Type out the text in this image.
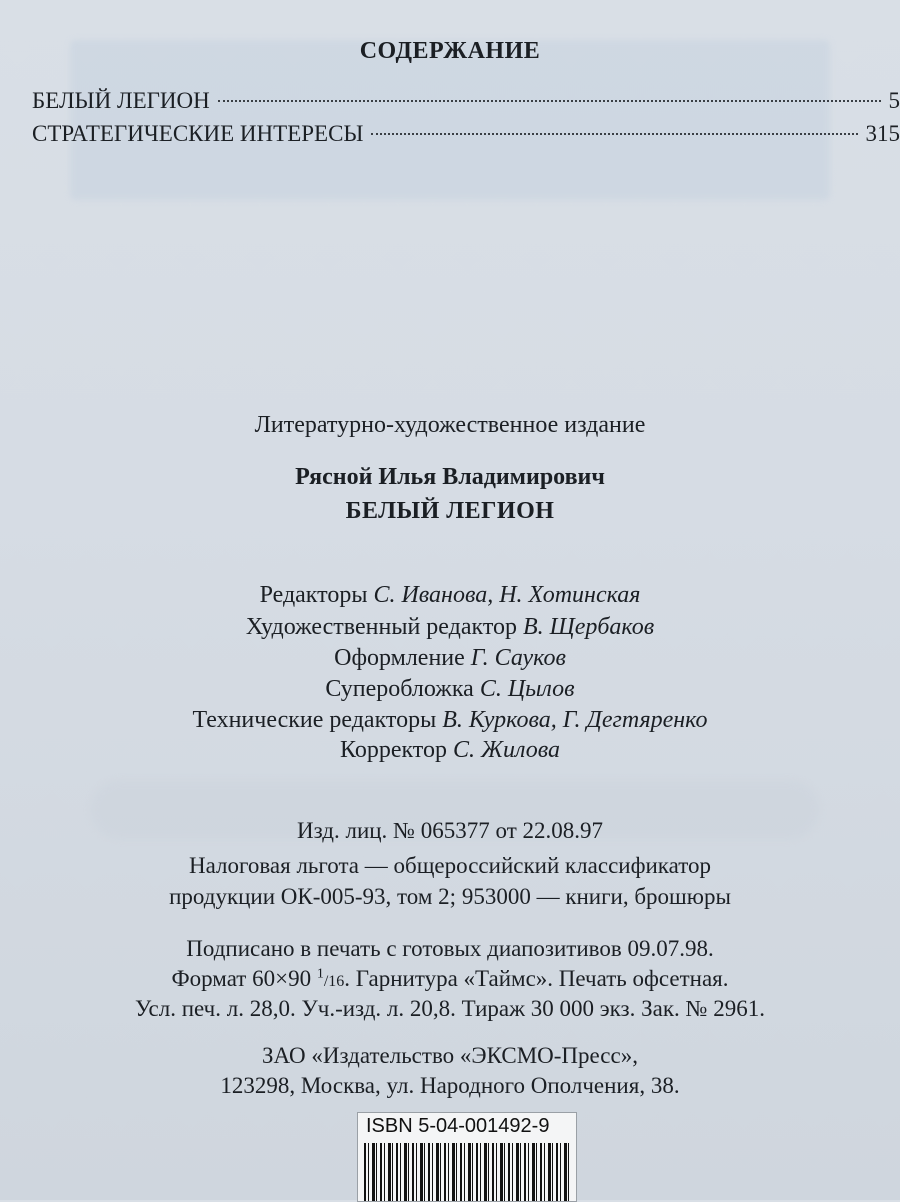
СОДЕРЖАНИЕ
БЕЛЫЙ ЛЕГИОН	5
СТРАТЕГИЧЕСКИЕ ИНТЕРЕСЫ	315
Литературно-художественное издание
Рясной Илья Владимирович
БЕЛЫЙ ЛЕГИОН
Редакторы С. Иванова, Н. Хотинская
Художественный редактор В. Щербаков
Оформление Г. Сауков
Суперобложка С. Цылов
Технические редакторы В. Куркова, Г. Дегтяренко
Корректор С. Жилова
Изд. лиц. № 065377 от 22.08.97
Налоговая льгота — общероссийский классификатор
продукции ОК-005-93, том 2; 953000 — книги, брошюры
Подписано в печать с готовых диапозитивов 09.07.98.
Формат 60×90 $^1$/16. Гарнитура «Таймс». Печать офсетная.
Усл. печ. л. 28,0. Уч.-изд. л. 20,8. Тираж 30 000 экз. Зак. № 2961.
ЗАО «Издательство «ЭКСМО-Пресс»,
123298, Москва, ул. Народного Ополчения, 38.
ISBN 5-04-001492-9
